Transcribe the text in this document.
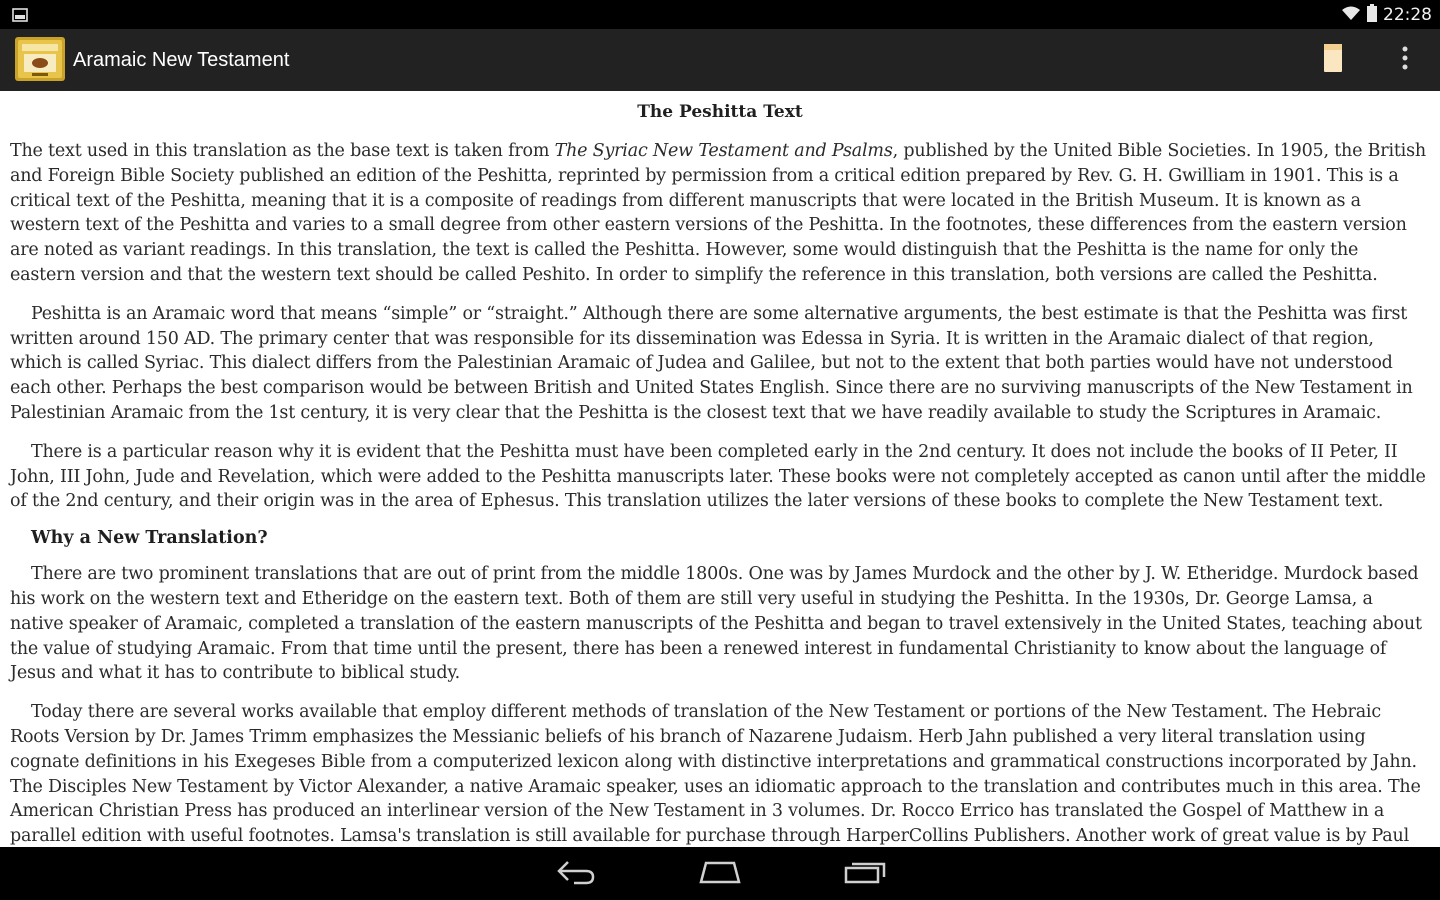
22:28
Aramaic New Testament
The Peshitta Text

The text used in this translation as the base text is taken from The Syriac New Testament and Psalms, published by the United Bible Societies. In 1905, the British and Foreign Bible Society published an edition of the Peshitta, reprinted by permission from a critical edition prepared by Rev. G. H. Gwilliam in 1901. This is a critical text of the Peshitta, meaning that it is a composite of readings from different manuscripts that were located in the British Museum. It is known as a western text of the Peshitta and varies to a small degree from other eastern versions of the Peshitta. In the footnotes, these differences from the eastern version are noted as variant readings. In this translation, the text is called the Peshitta. However, some would distinguish that the Peshitta is the name for only the eastern version and that the western text should be called Peshito. In order to simplify the reference in this translation, both versions are called the Peshitta.

Peshitta is an Aramaic word that means “simple” or “straight.” Although there are some alternative arguments, the best estimate is that the Peshitta was first written around 150 AD. The primary center that was responsible for its dissemination was Edessa in Syria. It is written in the Aramaic dialect of that region, which is called Syriac. This dialect differs from the Palestinian Aramaic of Judea and Galilee, but not to the extent that both parties would have not understood each other. Perhaps the best comparison would be between British and United States English. Since there are no surviving manuscripts of the New Testament in Palestinian Aramaic from the 1st century, it is very clear that the Peshitta is the closest text that we have readily available to study the Scriptures in Aramaic.

There is a particular reason why it is evident that the Peshitta must have been completed early in the 2nd century. It does not include the books of II Peter, II John, III John, Jude and Revelation, which were added to the Peshitta manuscripts later. These books were not completely accepted as canon until after the middle of the 2nd century, and their origin was in the area of Ephesus. This translation utilizes the later versions of these books to complete the New Testament text.

Why a New Translation?

There are two prominent translations that are out of print from the middle 1800s. One was by James Murdock and the other by J. W. Etheridge. Murdock based his work on the western text and Etheridge on the eastern text. Both of them are still very useful in studying the Peshitta. In the 1930s, Dr. George Lamsa, a native speaker of Aramaic, completed a translation of the eastern manuscripts of the Peshitta and began to travel extensively in the United States, teaching about the value of studying Aramaic. From that time until the present, there has been a renewed interest in fundamental Christianity to know about the language of Jesus and what it has to contribute to biblical study.

Today there are several works available that employ different methods of translation of the New Testament or portions of the New Testament. The Hebraic Roots Version by Dr. James Trimm emphasizes the Messianic beliefs of his branch of Nazarene Judaism. Herb Jahn published a very literal translation using cognate definitions in his Exegeses Bible from a computerized lexicon along with distinctive interpretations and grammatical constructions incorporated by Jahn. The Disciples New Testament by Victor Alexander, a native Aramaic speaker, uses an idiomatic approach to the translation and contributes much in this area. The American Christian Press has produced an interlinear version of the New Testament in 3 volumes. Dr. Rocco Errico has translated the Gospel of Matthew in a parallel edition with useful footnotes. Lamsa's translation is still available for purchase through HarperCollins Publishers. Another work of great value is by Paul
